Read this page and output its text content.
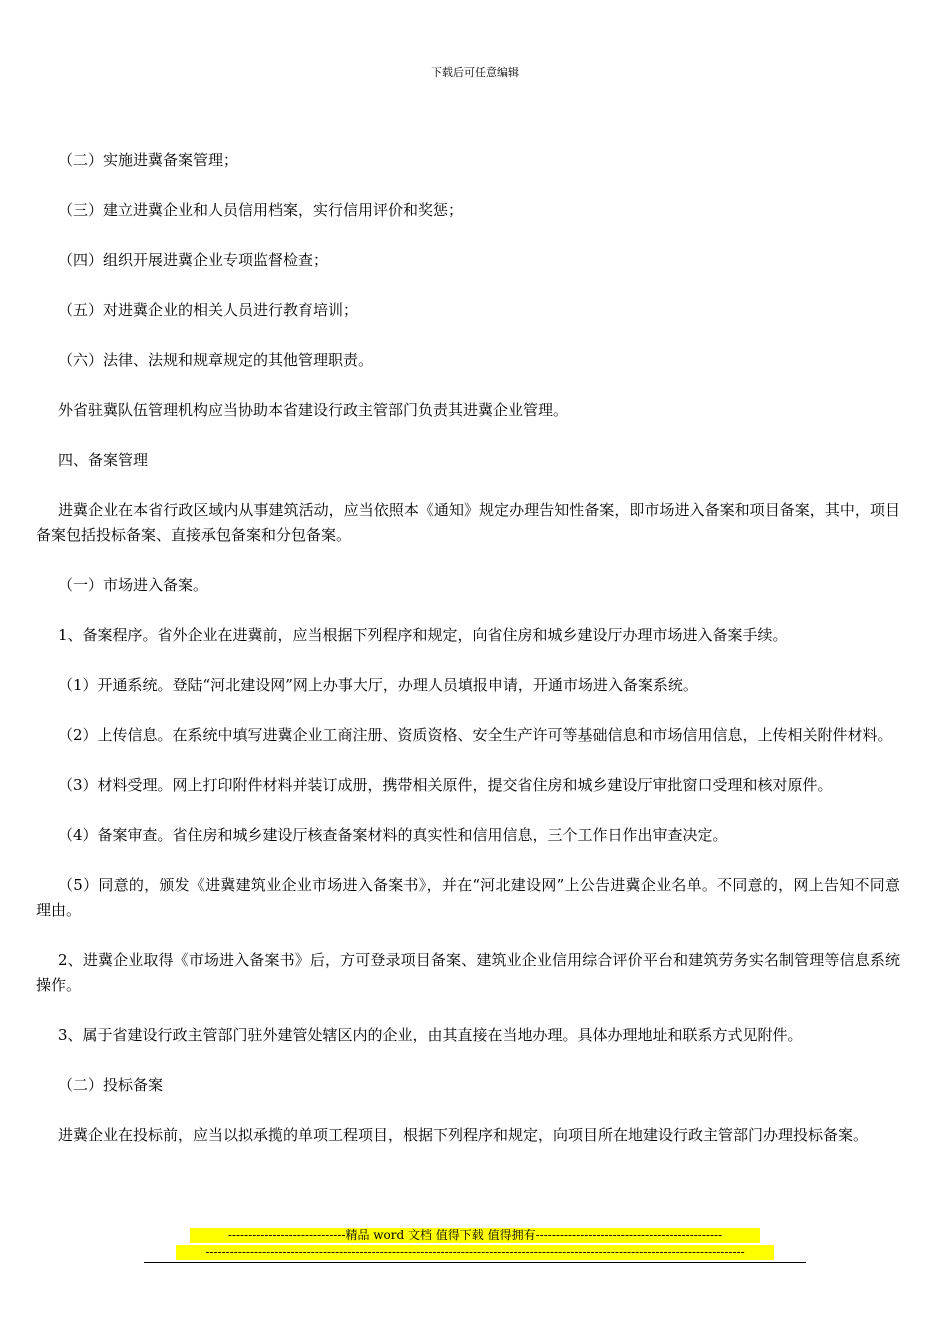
下载后可任意编辑

（二）实施进冀备案管理；

（三）建立进冀企业和人员信用档案，实行信用评价和奖惩；

（四）组织开展进冀企业专项监督检查；

（五）对进冀企业的相关人员进行教育培训；

（六）法律、法规和规章规定的其他管理职责。

外省驻冀队伍管理机构应当协助本省建设行政主管部门负责其进冀企业管理。

四、备案管理

进冀企业在本省行政区域内从事建筑活动，应当依照本《通知》规定办理告知性备案，即市场进入备案和项目备案，其中，项目备案包括投标备案、直接承包备案和分包备案。

（一）市场进入备案。

1、备案程序。省外企业在进冀前，应当根据下列程序和规定，向省住房和城乡建设厅办理市场进入备案手续。

（1）开通系统。登陆“河北建设网”网上办事大厅，办理人员填报申请，开通市场进入备案系统。

（2）上传信息。在系统中填写进冀企业工商注册、资质资格、安全生产许可等基础信息和市场信用信息，上传相关附件材料。

（3）材料受理。网上打印附件材料并装订成册，携带相关原件，提交省住房和城乡建设厅审批窗口受理和核对原件。

（4）备案审查。省住房和城乡建设厅核查备案材料的真实性和信用信息，三个工作日作出审查决定。

（5）同意的，颁发《进冀建筑业企业市场进入备案书》，并在“河北建设网”上公告进冀企业名单。不同意的，网上告知不同意理由。

2、进冀企业取得《市场进入备案书》后，方可登录项目备案、建筑业企业信用综合评价平台和建筑劳务实名制管理等信息系统操作。

3、属于省建设行政主管部门驻外建管处辖区内的企业，由其直接在当地办理。具体办理地址和联系方式见附件。

（二）投标备案

进冀企业在投标前，应当以拟承揽的单项工程项目，根据下列程序和规定，向项目所在地建设行政主管部门办理投标备案。

-----------------------------精品 word 文档 值得下载 值得拥有----------------------------------------------
-------------------------------------------------------------------------------------------------------------------------------------
